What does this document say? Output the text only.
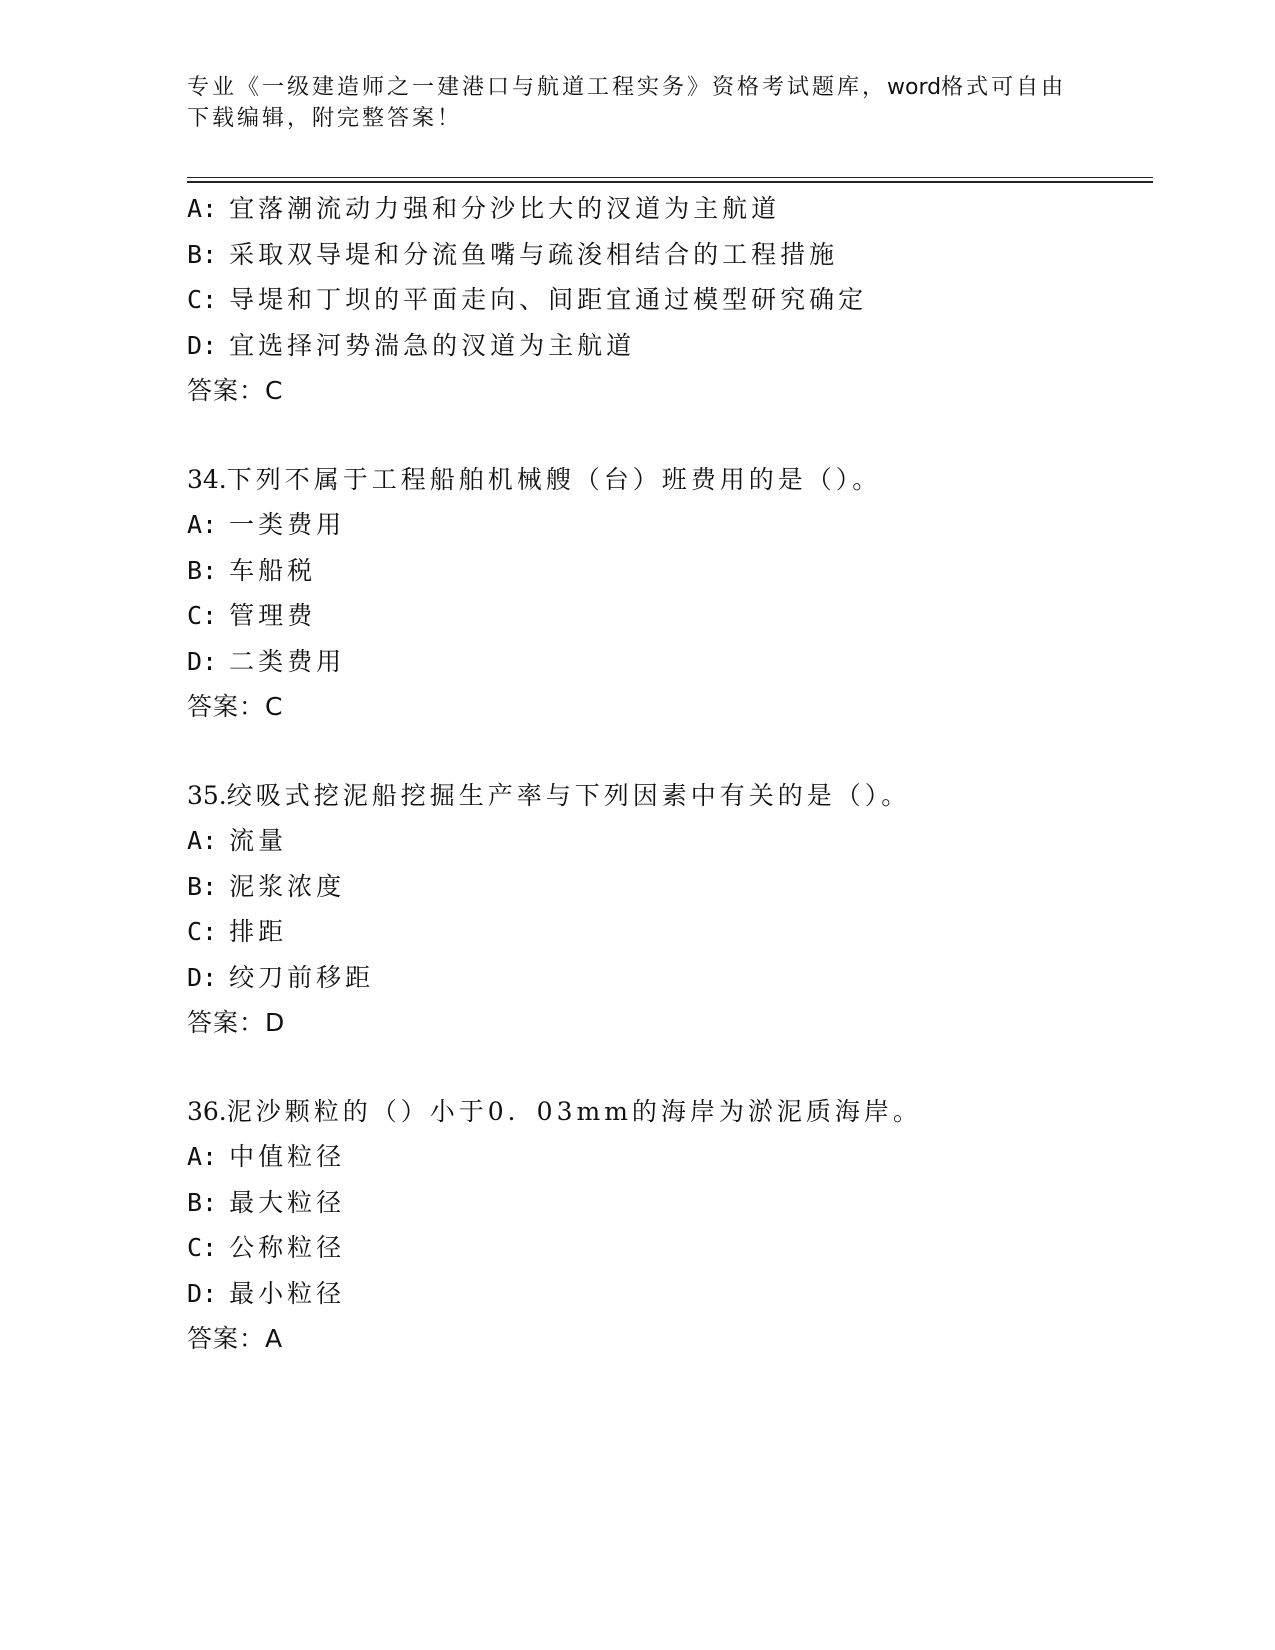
专业《一级建造师之一建港口与航道工程实务》资格考试题库，word格式可自由
下载编辑，附完整答案！
A: 宜落潮流动力强和分沙比大的汊道为主航道
B: 采取双导堤和分流鱼嘴与疏浚相结合的工程措施
C: 导堤和丁坝的平面走向、间距宜通过模型研究确定
D: 宜选择河势湍急的汊道为主航道
答案：C
34.下列不属于工程船舶机械艘（台）班费用的是（）。
A: 一类费用
B: 车船税
C: 管理费
D: 二类费用
答案：C
35.绞吸式挖泥船挖掘生产率与下列因素中有关的是（）。
A: 流量
B: 泥浆浓度
C: 排距
D: 绞刀前移距
答案：D
36.泥沙颗粒的（）小于0．03mm的海岸为淤泥质海岸。
A: 中值粒径
B: 最大粒径
C: 公称粒径
D: 最小粒径
答案：A
